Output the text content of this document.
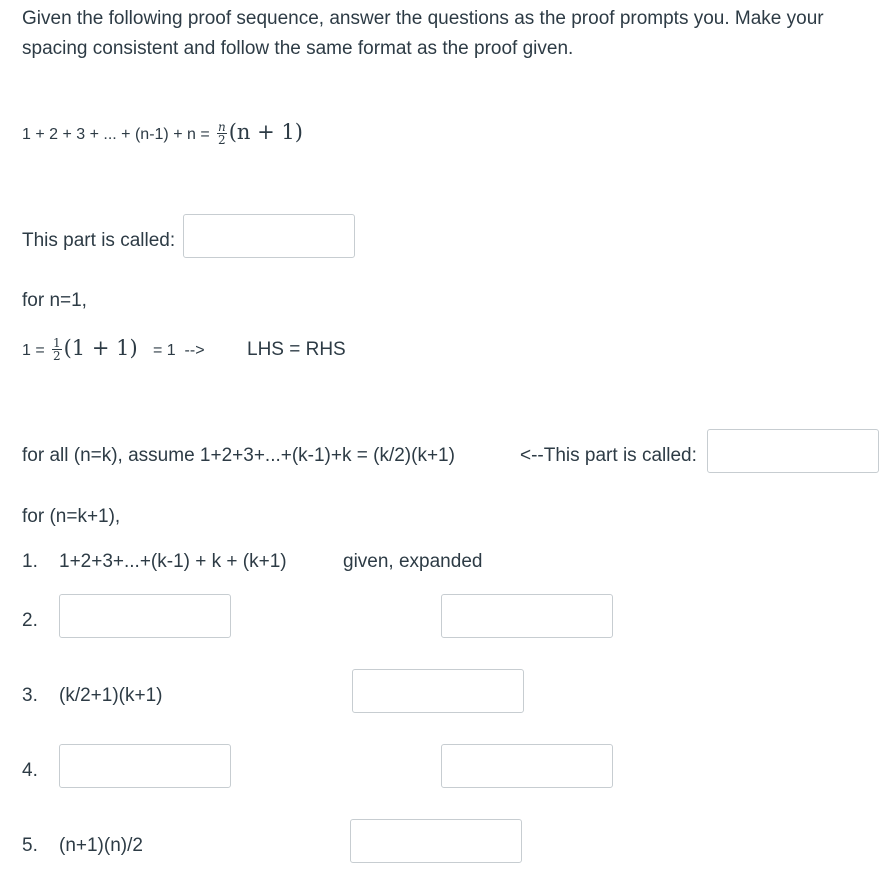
Given the following proof sequence, answer the questions as the proof prompts you. Make your spacing consistent and follow the same format as the proof given.
1 + 2 + 3 + ... + $(n-1) + n = \frac{n}{2} (n + 1)$
This part is called:
for n=1,
$1 = \frac{1}{2} (1 + 1) = 1$  --> LHS = RHS
for all (n=k), assume 1+2+3+...+(k-1)+k = (k/2)(k+1)	<--This part is called:
for (n=k+1),
1. 1+2+3+...+(k-1) + k + (k+1)	given, expanded
2.
3. (k/2+1)(k+1)
4.
5. (n+1)(n)/2
